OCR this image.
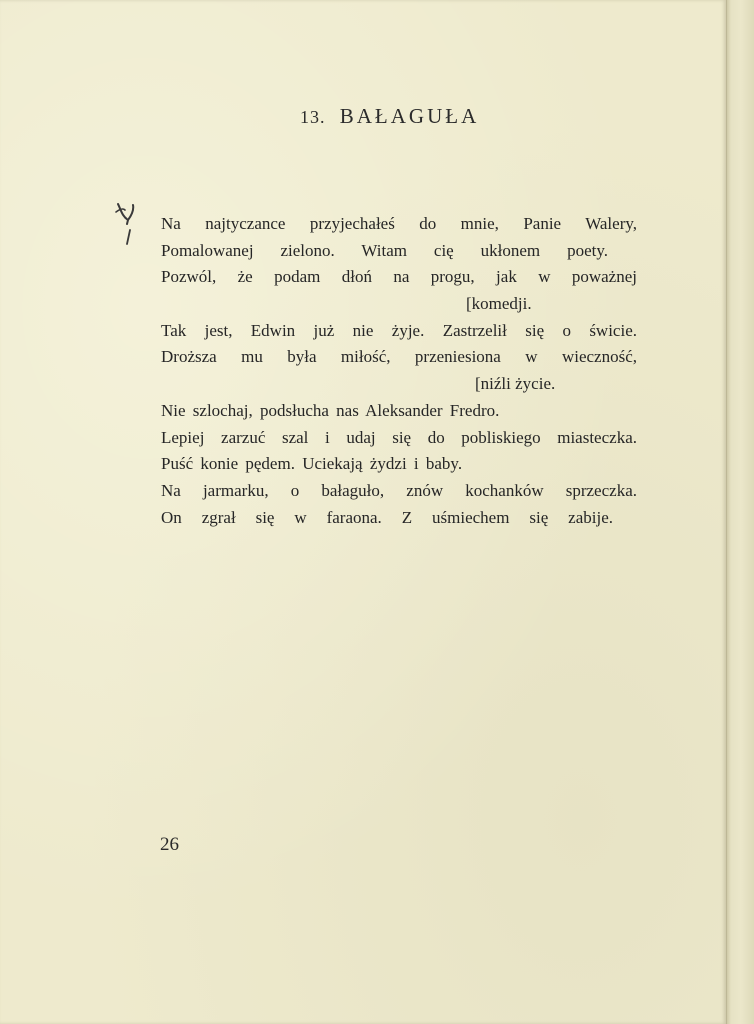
13. BAŁAGUŁA
Na najtyczance przyjechałeś do mnie, Panie Walery,
Pomalowanej zielono. Witam cię ukłonem poety.
Pozwól, że podam dłoń na progu, jak w poważnej
[komedji.
Tak jest, Edwin już nie żyje. Zastrzelił się o świcie.
Droższa mu była miłość, przeniesiona w wieczność,
[niźli życie.
Nie szlochaj, podsłucha nas Aleksander Fredro.
Lepiej zarzuć szal i udaj się do pobliskiego miasteczka.
Puść konie pędem. Uciekają żydzi i baby.
Na jarmarku, o bałaguło, znów kochanków sprzeczka.
On zgrał się w faraona. Z uśmiechem się zabije.
26
